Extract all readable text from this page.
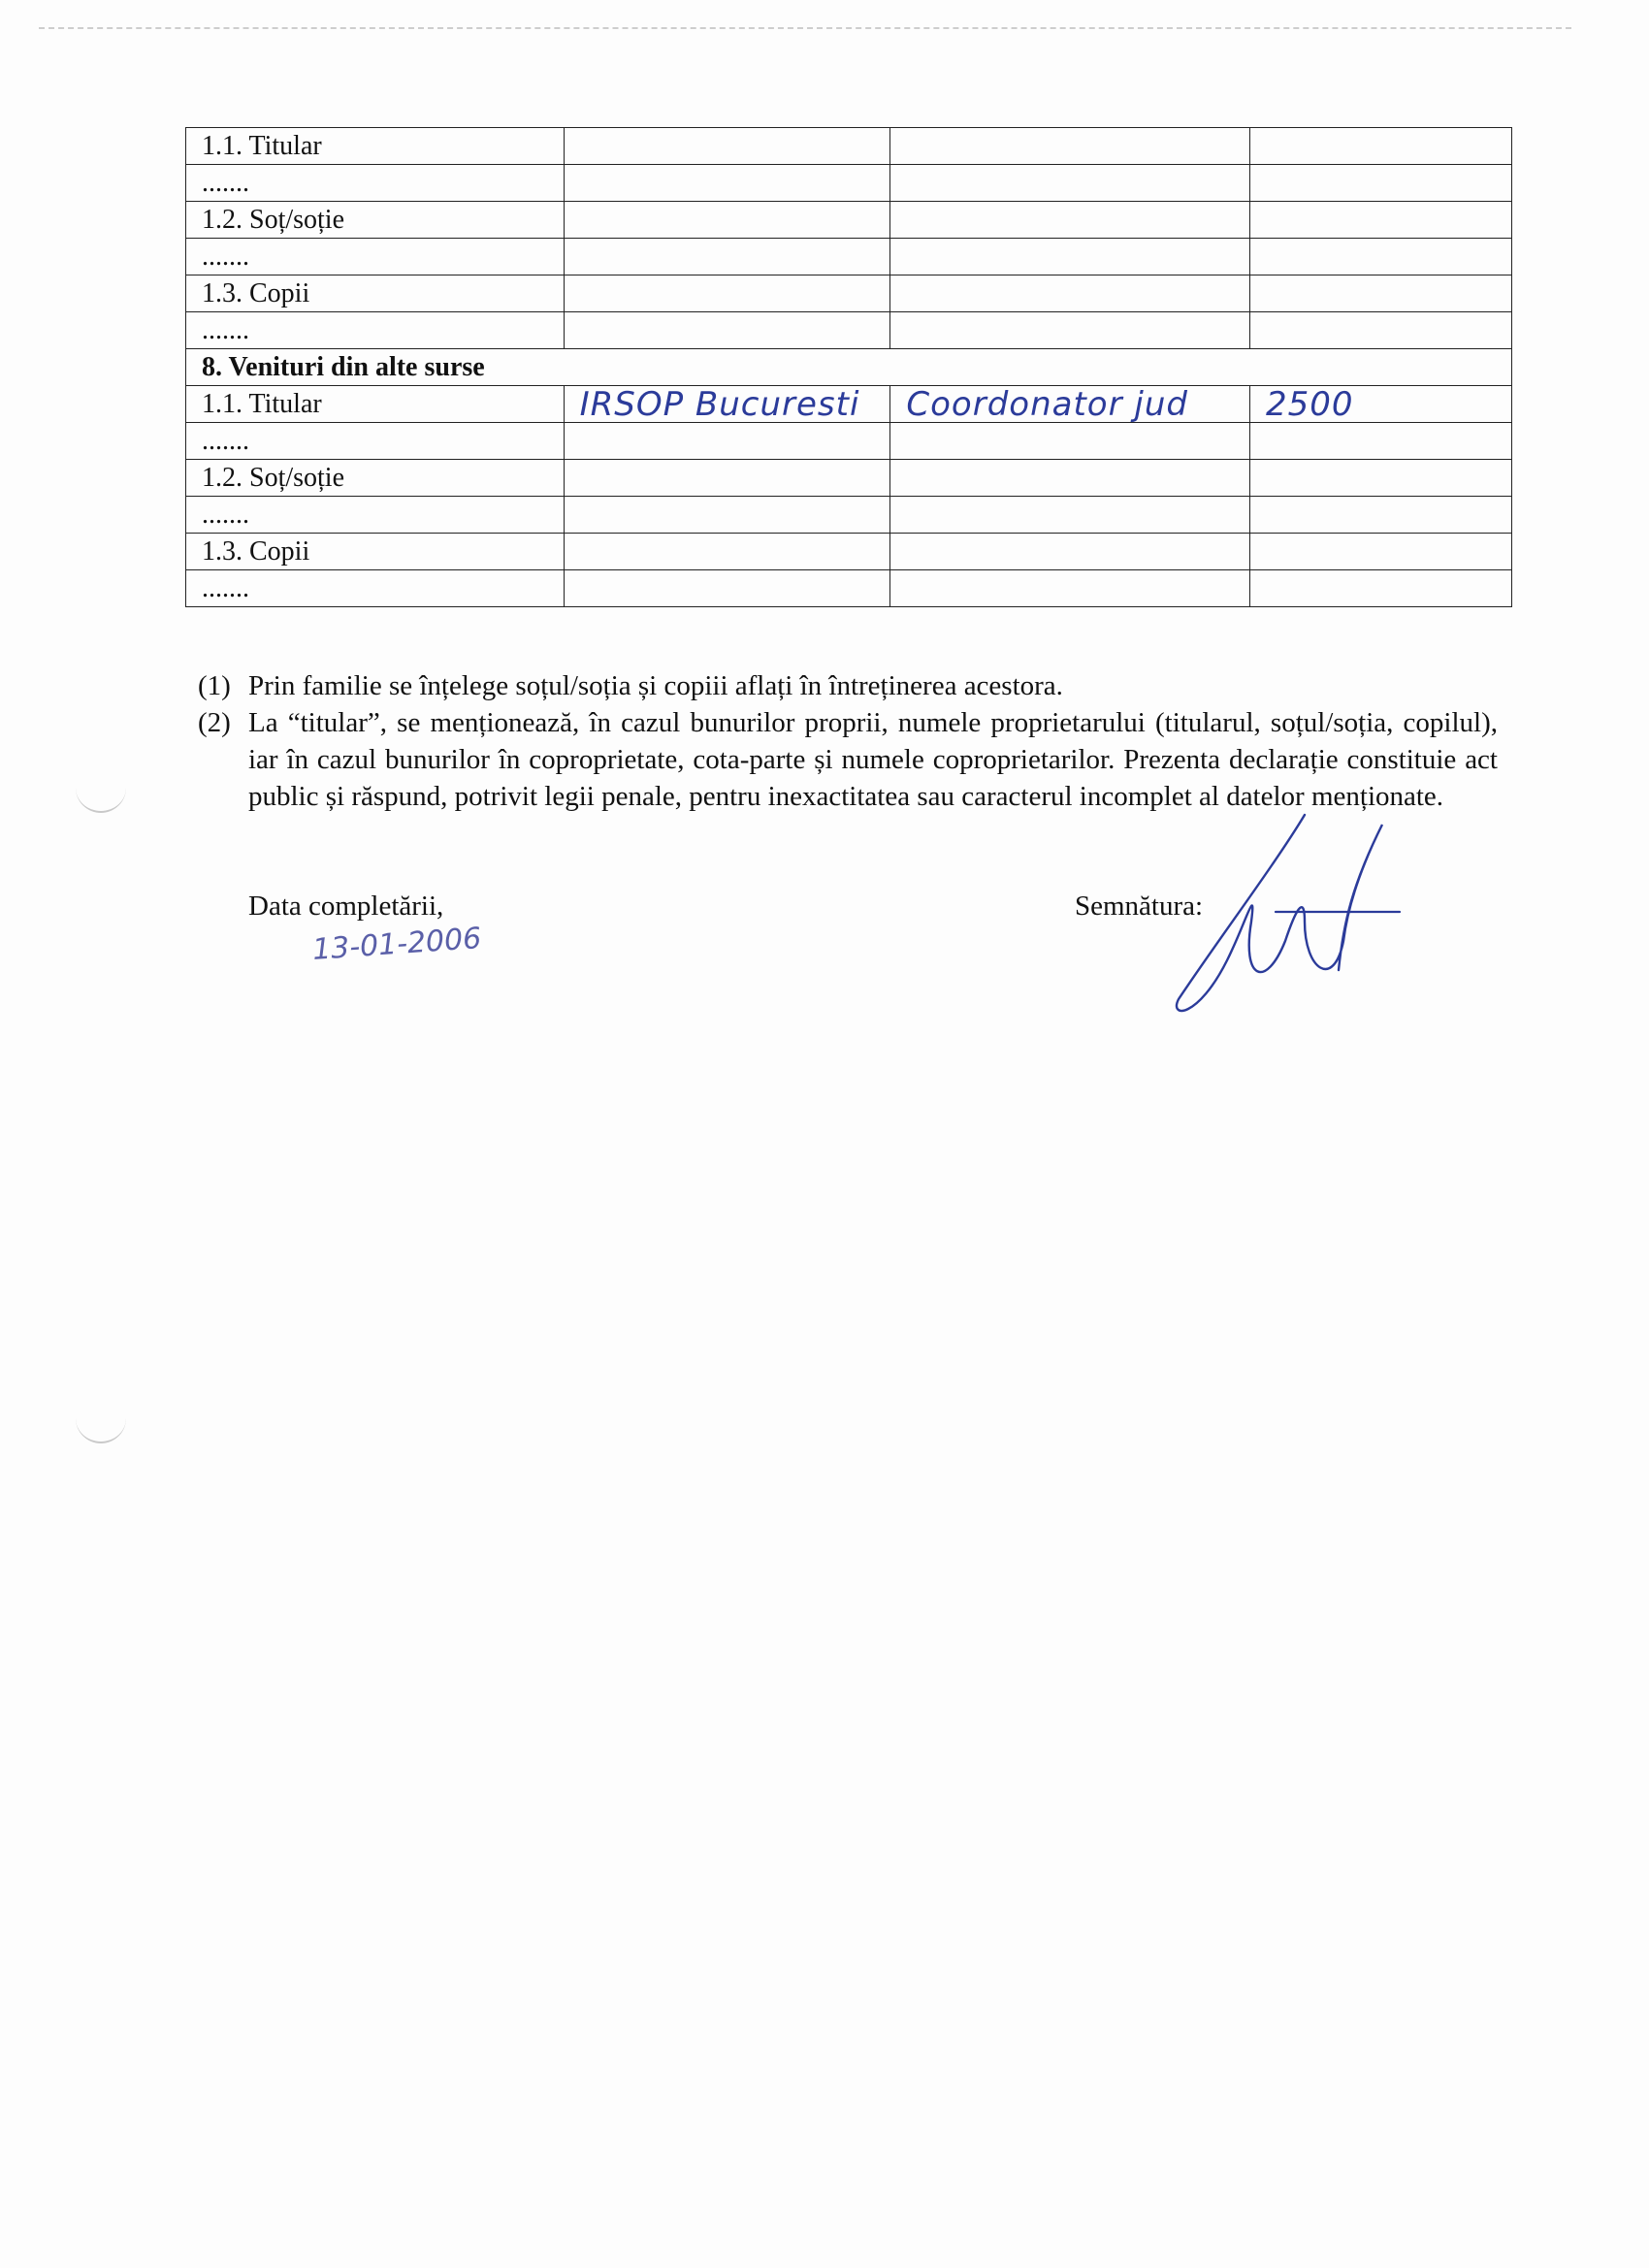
1.1. Titular			
.......			
1.2. Soț/soție			
.......			
1.3. Copii			
.......			
8. Venituri din alte surse			
1.1. Titular	IRSOP Bucuresti	Coordonator jud	2500
.......			
1.2. Soț/soție			
.......			
1.3. Copii			
.......			
(1) Prin familie se înțelege soțul/soția și copiii aflați în întreținerea acestora.
(2) La “titular”, se menționează, în cazul bunurilor proprii, numele proprietarului (titularul, soțul/soția, copilul), iar în cazul bunurilor în coproprietate, cota-parte și numele coproprietarilor. Prezenta declarație constituie act public și răspund, potrivit legii penale, pentru inexactitatea sau caracterul incomplet al datelor menționate.
Data completării,
13-01-2006
Semnătura:
